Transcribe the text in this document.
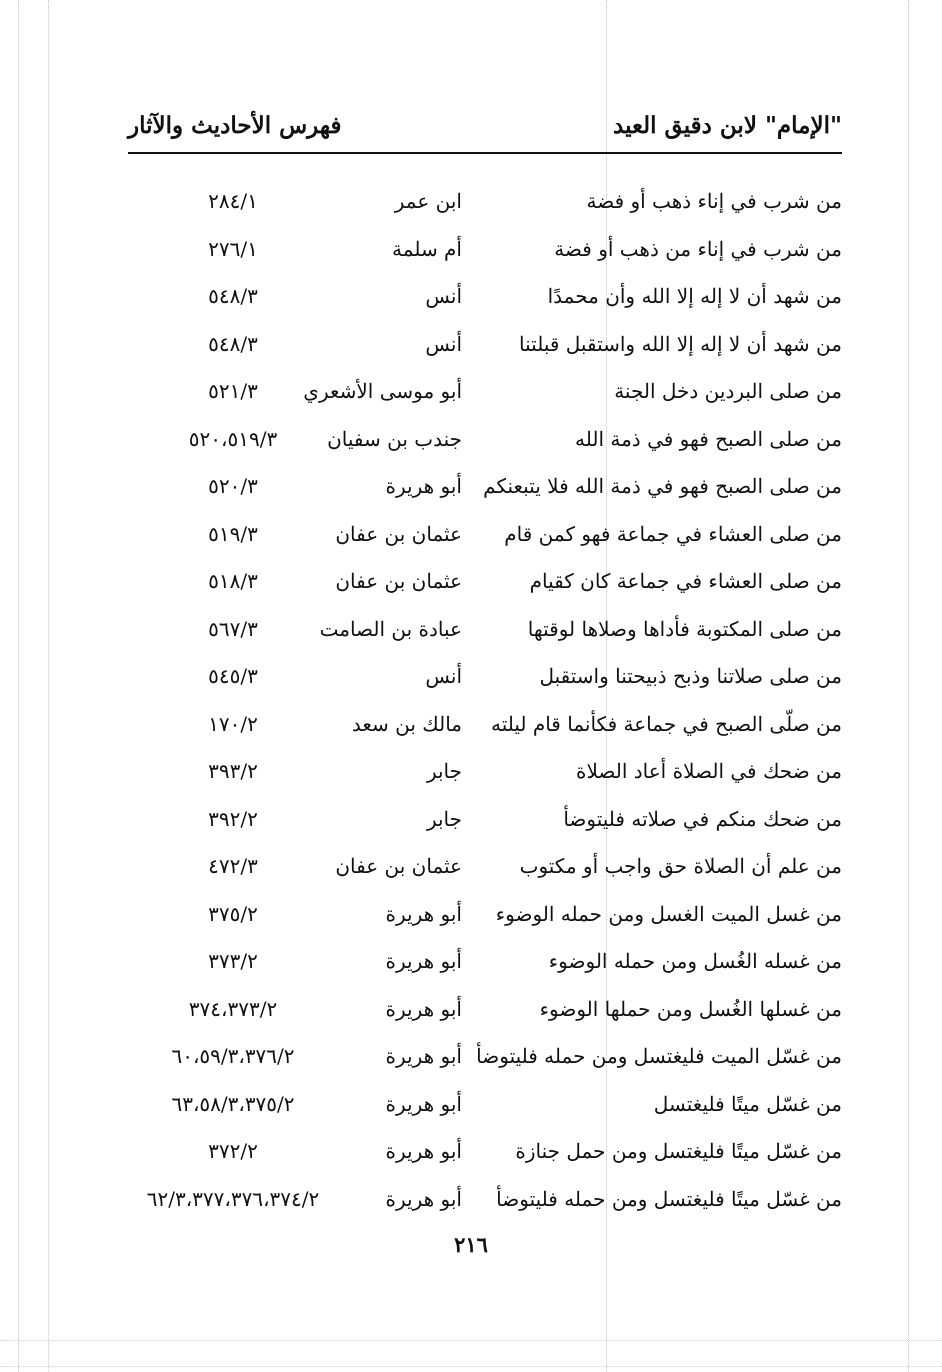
"الإمام" لابن دقيق العيد
فهرس الأحاديث والآثار
من شرب في إناء ذهب أو فضة
ابن عمر
٢٨٤/١
من شرب في إناء من ذهب أو فضة
أم سلمة
٢٧٦/١
من شهد أن لا إله إلا الله وأن محمدًا
أنس
٥٤٨/٣
من شهد أن لا إله إلا الله واستقبل قبلتنا
أنس
٥٤٨/٣
من صلى البردين دخل الجنة
أبو موسى الأشعري
٥٢١/٣
من صلى الصبح فهو في ذمة الله
جندب بن سفيان
٥٢٠،٥١٩/٣
من صلى الصبح فهو في ذمة الله فلا يتبعنكم
أبو هريرة
٥٢٠/٣
من صلى العشاء في جماعة فهو كمن قام
عثمان بن عفان
٥١٩/٣
من صلى العشاء في جماعة كان كقيام
عثمان بن عفان
٥١٨/٣
من صلى المكتوبة فأداها وصلاها لوقتها
عبادة بن الصامت
٥٦٧/٣
من صلى صلاتنا وذبح ذبيحتنا واستقبل
أنس
٥٤٥/٣
من صلّى الصبح في جماعة فكأنما قام ليلته
مالك بن سعد
١٧٠/٢
من ضحك في الصلاة أعاد الصلاة
جابر
٣٩٣/٢
من ضحك منكم في صلاته فليتوضأ
جابر
٣٩٢/٢
من علم أن الصلاة حق واجب أو مكتوب
عثمان بن عفان
٤٧٢/٣
من غسل الميت الغسل ومن حمله الوضوء
أبو هريرة
٣٧٥/٢
من غسله الغُسل ومن حمله الوضوء
أبو هريرة
٣٧٣/٢
من غسلها الغُسل ومن حملها الوضوء
أبو هريرة
٣٧٤،٣٧٣/٢
من غسّل الميت فليغتسل ومن حمله فليتوضأ
أبو هريرة
٦٠،٥٩/٣،٣٧٦/٢
من غسّل ميتًا فليغتسل
أبو هريرة
٦٣،٥٨/٣،٣٧٥/٢
من غسّل ميتًا فليغتسل ومن حمل جنازة
أبو هريرة
٣٧٢/٢
من غسّل ميتًا فليغتسل ومن حمله فليتوضأ
أبو هريرة
٦٢/٣،٣٧٧،٣٧٦،٣٧٤/٢
٢١٦
